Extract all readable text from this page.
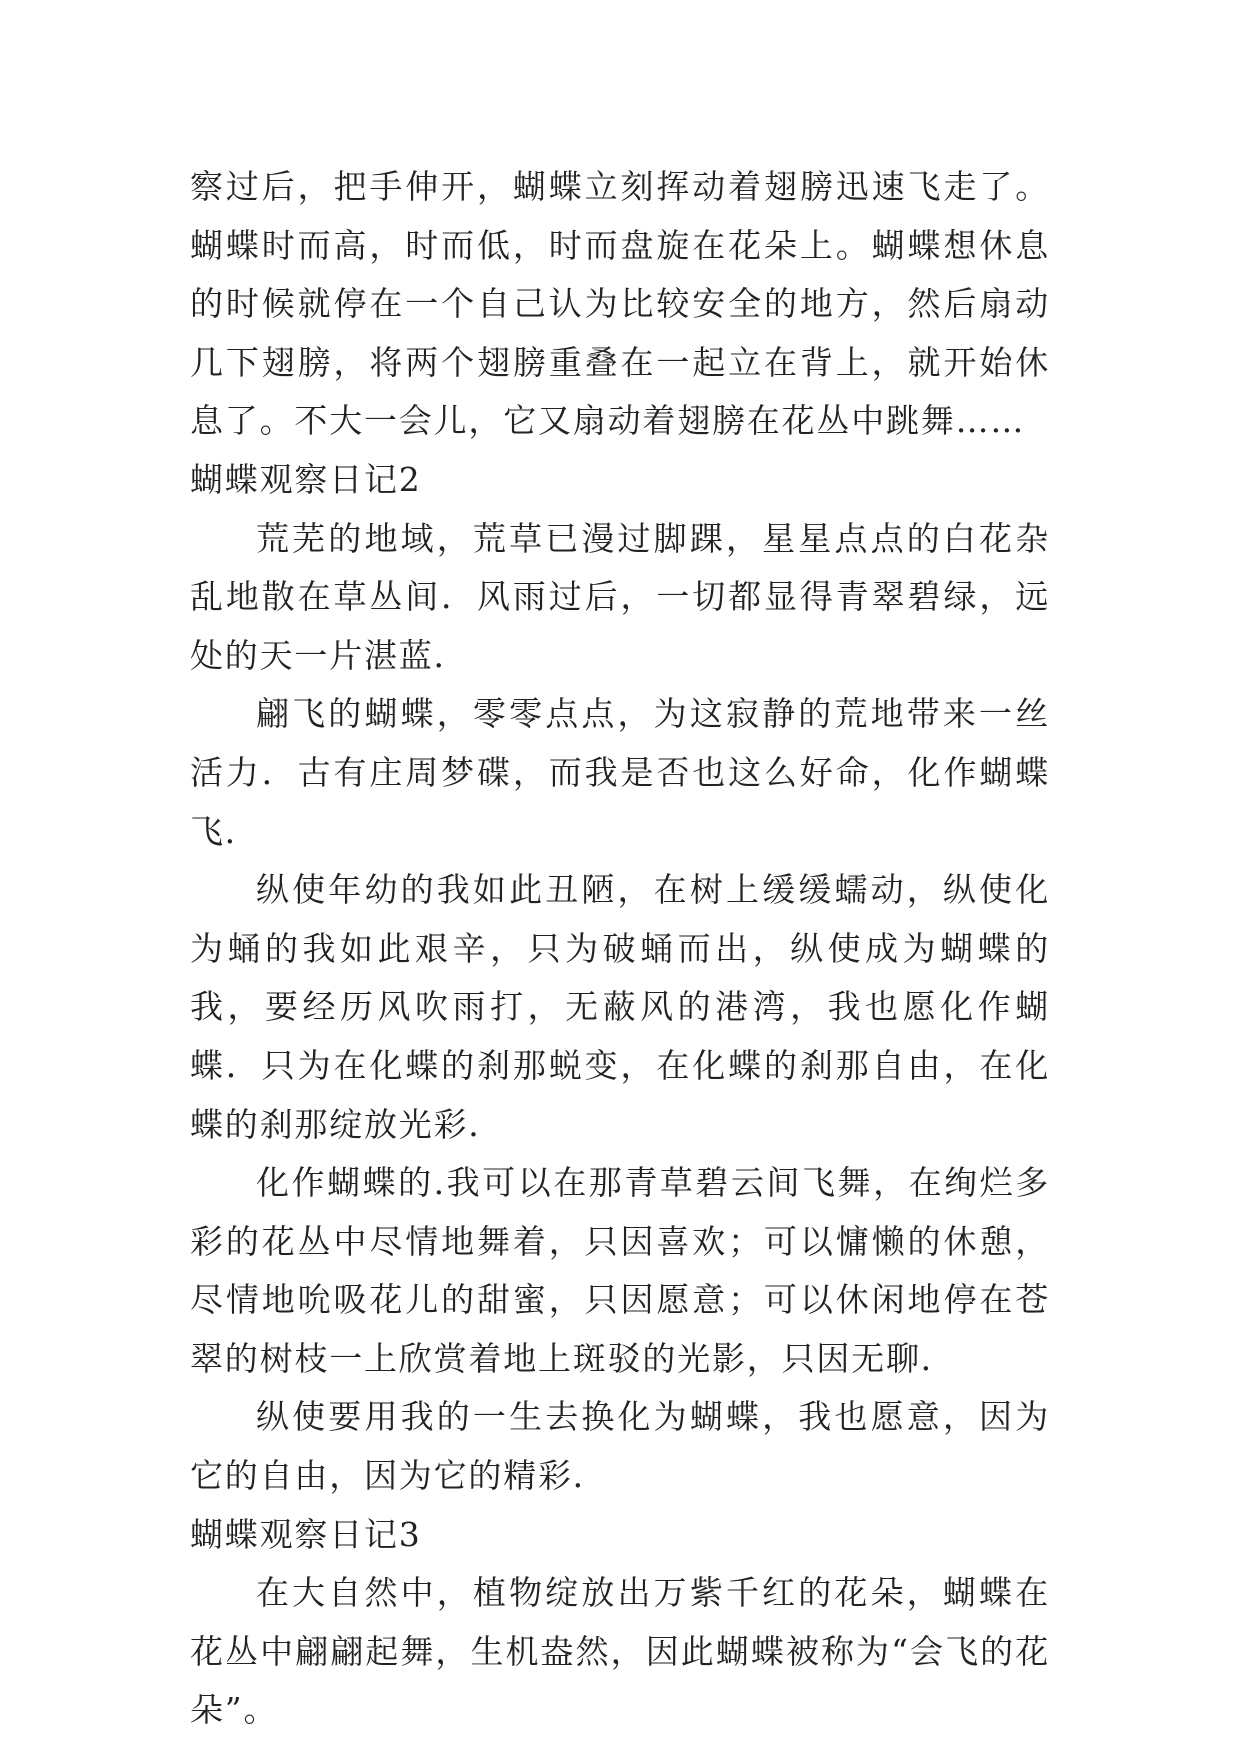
察过后，把手伸开，蝴蝶立刻挥动着翅膀迅速飞走了。蝴蝶时而高，时而低，时而盘旋在花朵上。蝴蝶想休息的时候就停在一个自己认为比较安全的地方，然后扇动几下翅膀，将两个翅膀重叠在一起立在背上，就开始休息了。不大一会儿，它又扇动着翅膀在花丛中跳舞……

蝴蝶观察日记2

荒芜的地域，荒草已漫过脚踝，星星点点的白花杂乱地散在草丛间．风雨过后，一切都显得青翠碧绿，远处的天一片湛蓝．

翩飞的蝴蝶，零零点点，为这寂静的荒地带来一丝活力．古有庄周梦碟，而我是否也这么好命，化作蝴蝶飞．

纵使年幼的我如此丑陋，在树上缓缓蠕动，纵使化为蛹的我如此艰辛，只为破蛹而出，纵使成为蝴蝶的我，要经历风吹雨打，无蔽风的港湾，我也愿化作蝴蝶．只为在化蝶的刹那蜕变，在化蝶的刹那自由，在化蝶的刹那绽放光彩．

化作蝴蝶的.我可以在那青草碧云间飞舞，在绚烂多彩的花丛中尽情地舞着，只因喜欢；可以慵懒的休憩，尽情地吮吸花儿的甜蜜，只因愿意；可以休闲地停在苍翠的树枝一上欣赏着地上斑驳的光影，只因无聊．

纵使要用我的一生去换化为蝴蝶，我也愿意，因为它的自由，因为它的精彩．

蝴蝶观察日记3

在大自然中，植物绽放出万紫千红的花朵，蝴蝶在花丛中翩翩起舞，生机盎然，因此蝴蝶被称为“会飞的花朵”。
